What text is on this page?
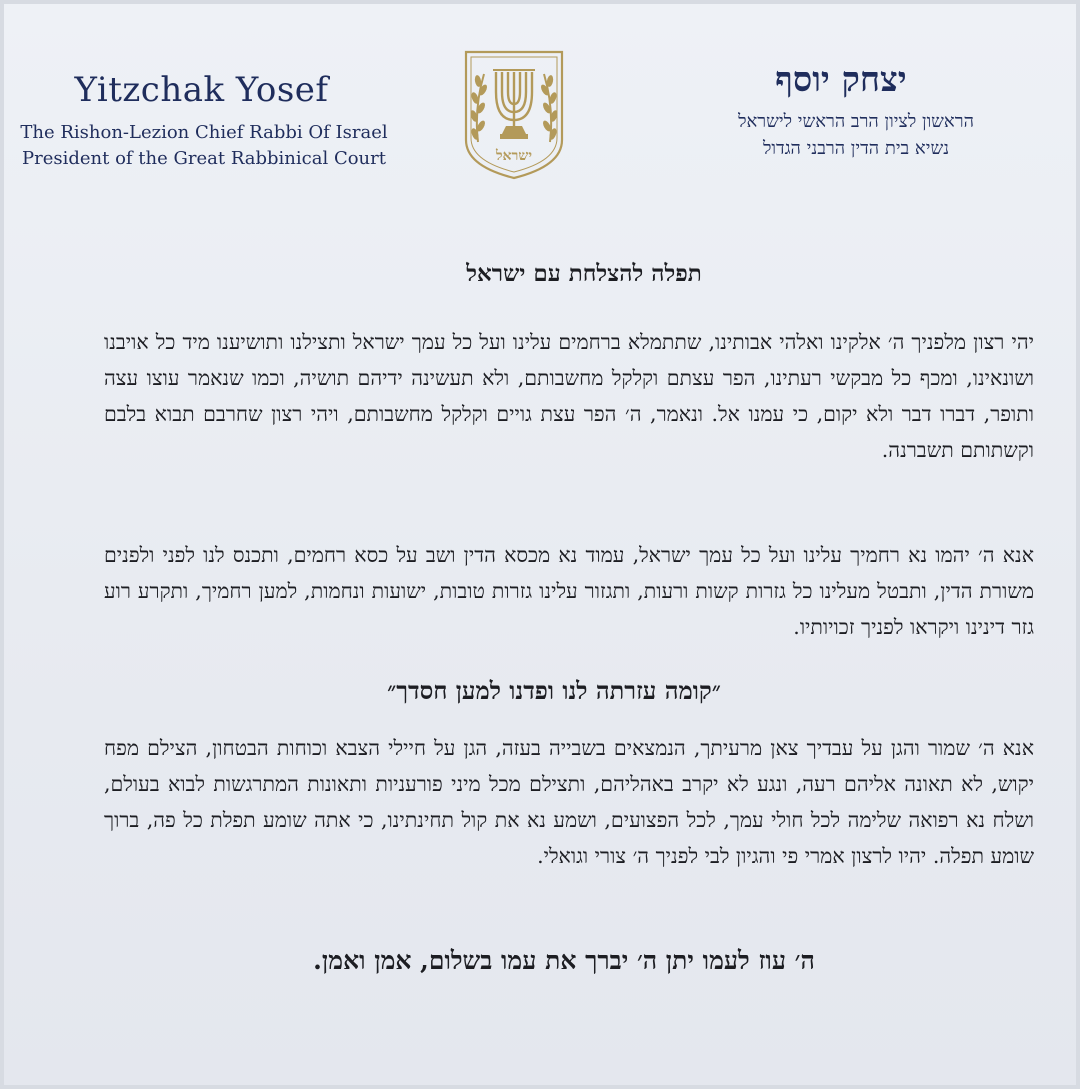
Yitzchak Yosef
The Rishon-Lezion Chief Rabbi Of Israel
President of the Great Rabbinical Court	ישראל
יצחק יוסף
הראשון לציון הרב הראשי לישראל
נשיא בית הדין הרבני הגדול
תפלה להצלחת עם ישראל
יהי רצון מלפניך ה׳ אלקינו ואלהי אבותינו, שתתמלא ברחמים עלינו ועל כל עמך ישראל ותצילנו ותושיענו מיד כל אויבנו ושונאינו, ומכף כל מבקשי רעתינו, הפר עצתם וקלקל מחשבותם, ולא תעשינה ידיהם תושיה, וכמו שנאמר עוצו עצה ותופר, דברו דבר ולא יקום, כי עמנו אל. ונאמר, ה׳ הפר עצת גויים וקלקל מחשבותם, ויהי רצון שחרבם תבוא בלבם וקשתותם תשברנה.
אנא ה׳ יהמו נא רחמיך עלינו ועל כל עמך ישראל, עמוד נא מכסא הדין ושב על כסא רחמים, ותכנס לנו לפני ולפנים משורת הדין, ותבטל מעלינו כל גזרות קשות ורעות, ותגזור עלינו גזרות טובות, ישועות ונחמות, למען רחמיך, ותקרע רוע גזר דינינו ויקראו לפניך זכויותיו.
״קומה עזרתה לנו ופדנו למען חסדך״
אנא ה׳ שמור והגן על עבדיך צאן מרעיתך, הנמצאים בשבייה בעזה, הגן על חיילי הצבא וכוחות הבטחון, הצילם מפח יקוש, לא תאונה אליהם רעה, ונגע לא יקרב באהליהם, ותצילם מכל מיני פורעניות ותאונות המתרגשות לבוא בעולם, ושלח נא רפואה שלימה לכל חולי עמך, לכל הפצועים, ושמע נא את קול תחינתינו, כי אתה שומע תפלת כל פה, ברוך שומע תפלה. יהיו לרצון אמרי פי והגיון לבי לפניך ה׳ צורי וגואלי.
ה׳ עוז לעמו יתן ה׳ יברך את עמו בשלום, אמן ואמן.
